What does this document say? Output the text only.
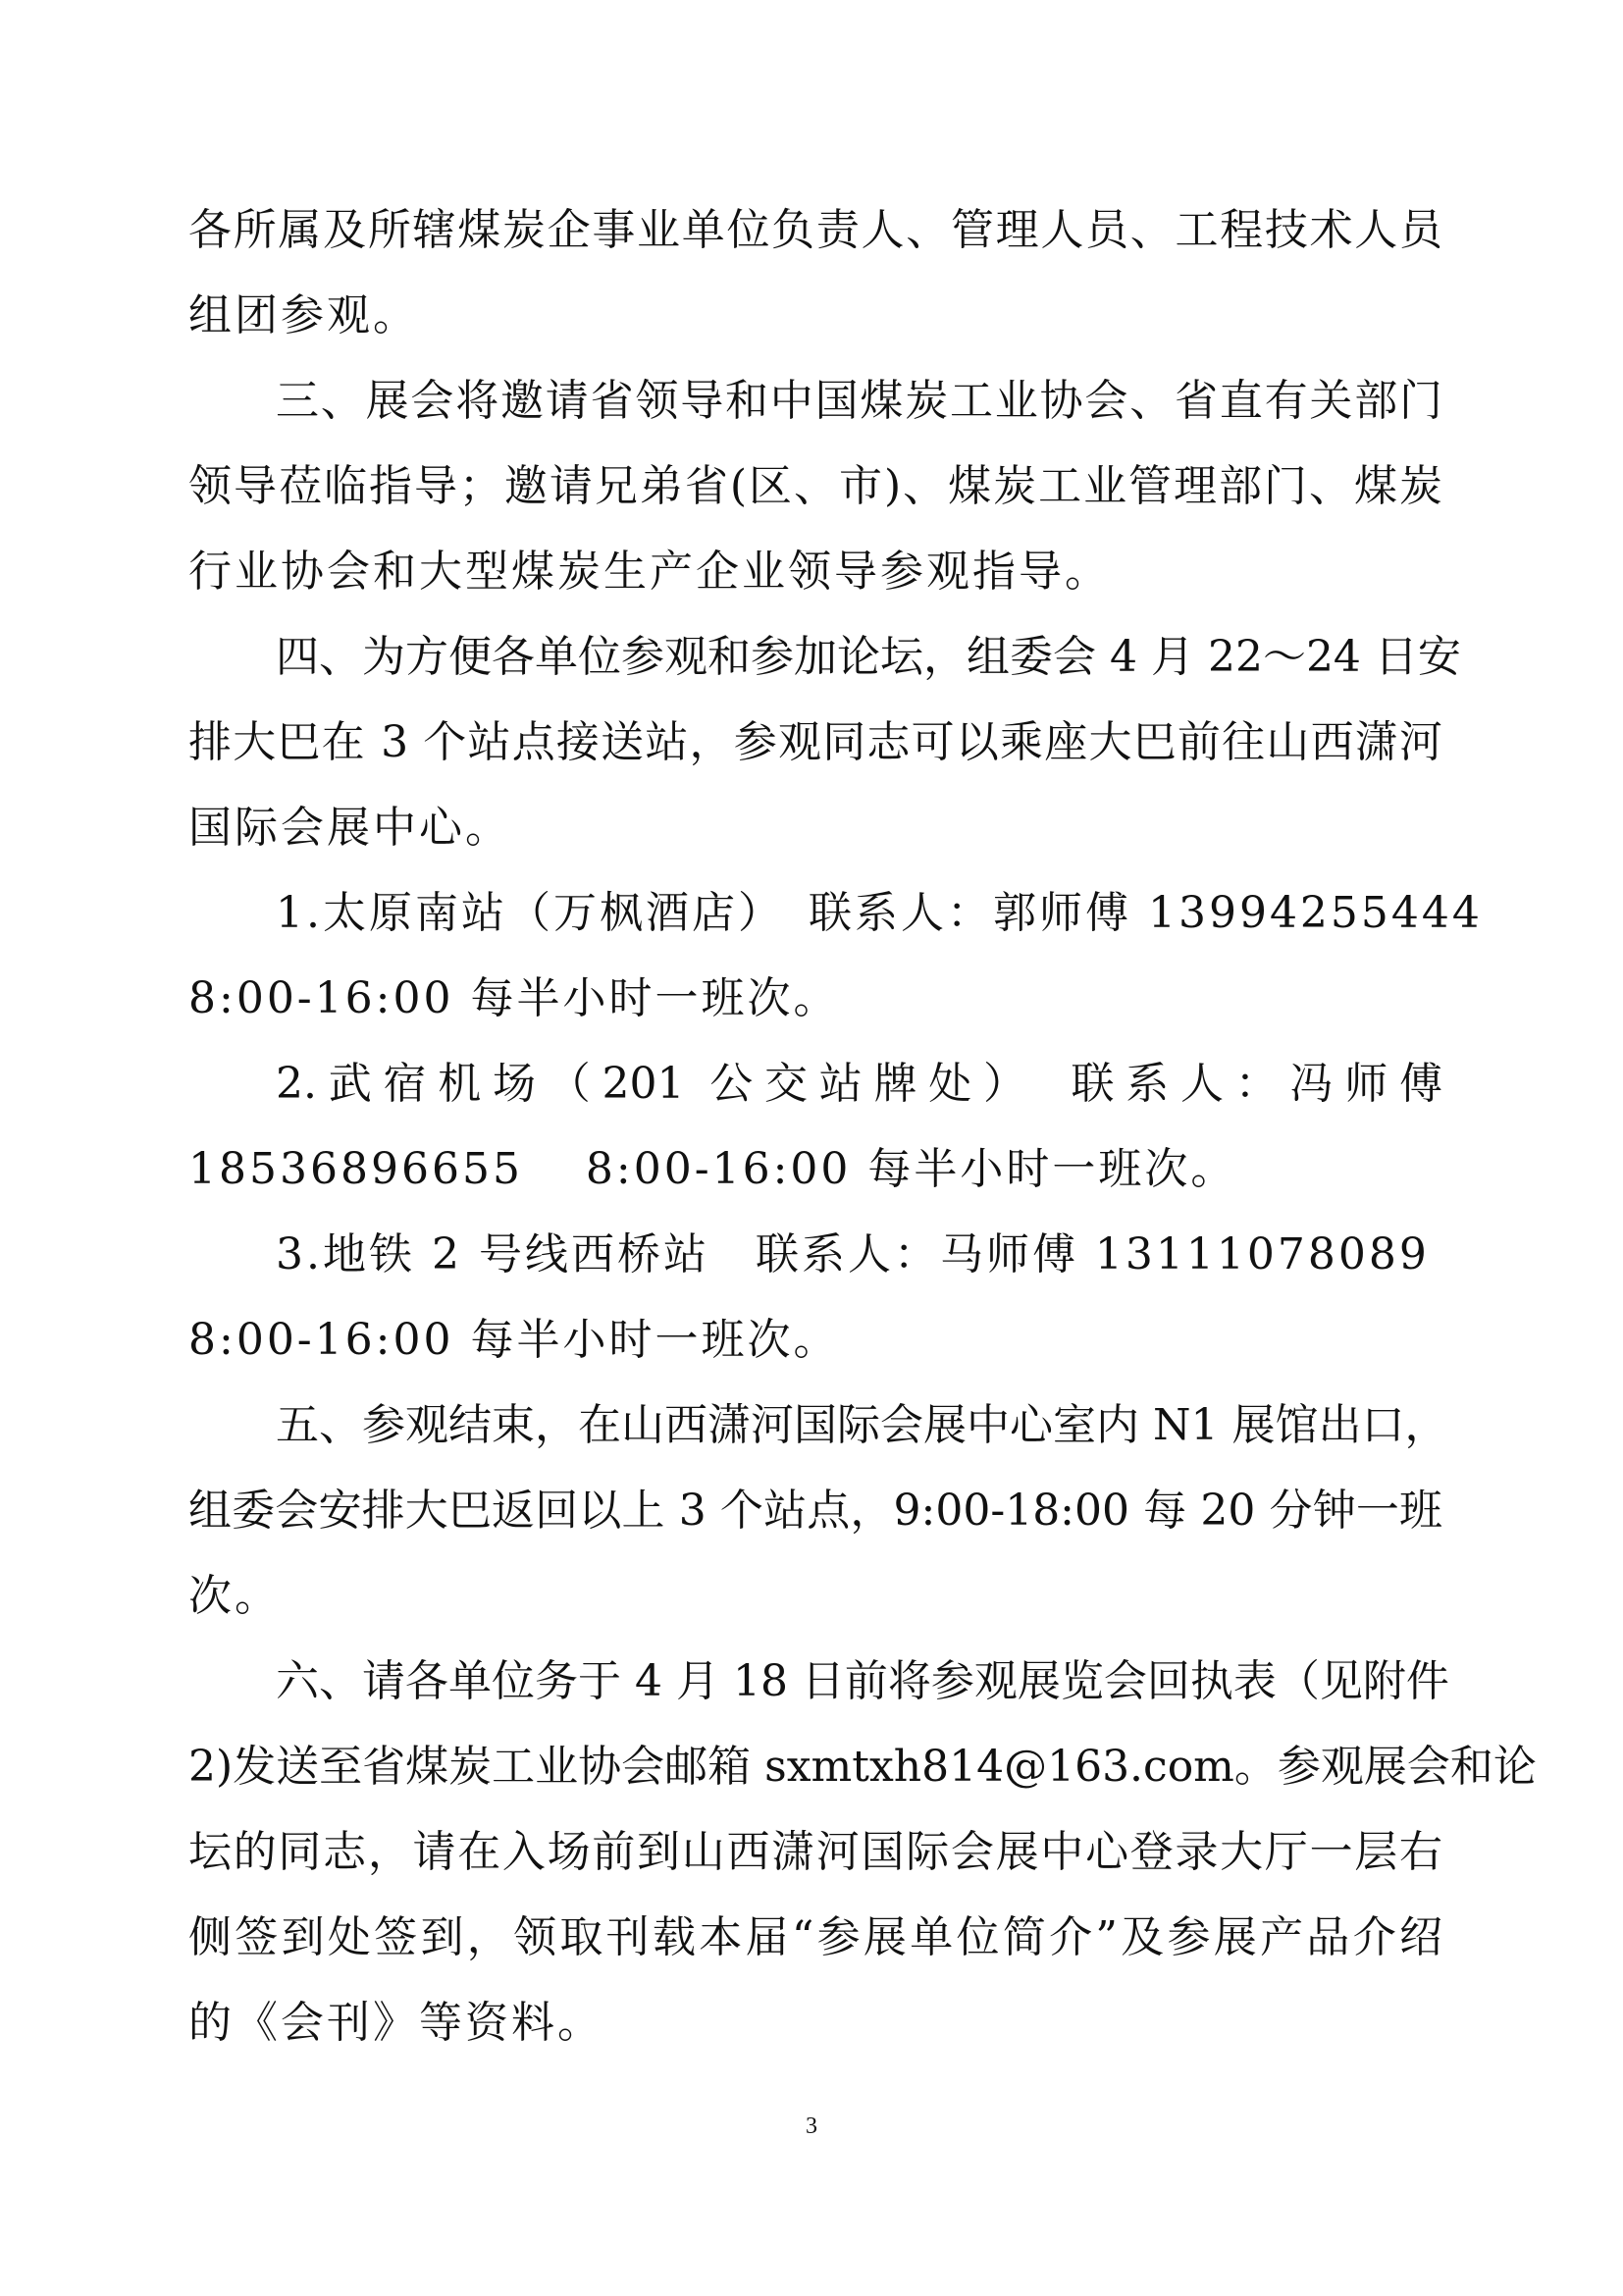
各所属及所辖煤炭企事业单位负责人、管理人员、工程技术人员
组团参观。
三、展会将邀请省领导和中国煤炭工业协会、省直有关部门
领导莅临指导；邀请兄弟省(区、市)、煤炭工业管理部门、煤炭
行业协会和大型煤炭生产企业领导参观指导。
四、为方便各单位参观和参加论坛，组委会 4 月 22～24 日安
排大巴在 3 个站点接送站，参观同志可以乘座大巴前往山西潇河
国际会展中心。
1.太原南站（万枫酒店）　联系人：郭师傅 13994255444
8:00-16:00 每半小时一班次。
2.武宿机场（201 公交站牌处）　联系人：冯师傅
18536896655　 8:00-16:00 每半小时一班次。
3.地铁 2 号线西桥站　联系人：马师傅 13111078089
8:00-16:00 每半小时一班次。
五、参观结束，在山西潇河国际会展中心室内 N1 展馆出口，
组委会安排大巴返回以上 3 个站点，9:00-18:00 每 20 分钟一班
次。
六、请各单位务于 4 月 18 日前将参观展览会回执表（见附件
2)发送至省煤炭工业协会邮箱 sxmtxh814@163.com。参观展会和论
坛的同志，请在入场前到山西潇河国际会展中心登录大厅一层右
侧签到处签到，领取刊载本届“参展单位简介”及参展产品介绍
的《会刊》等资料。
3
